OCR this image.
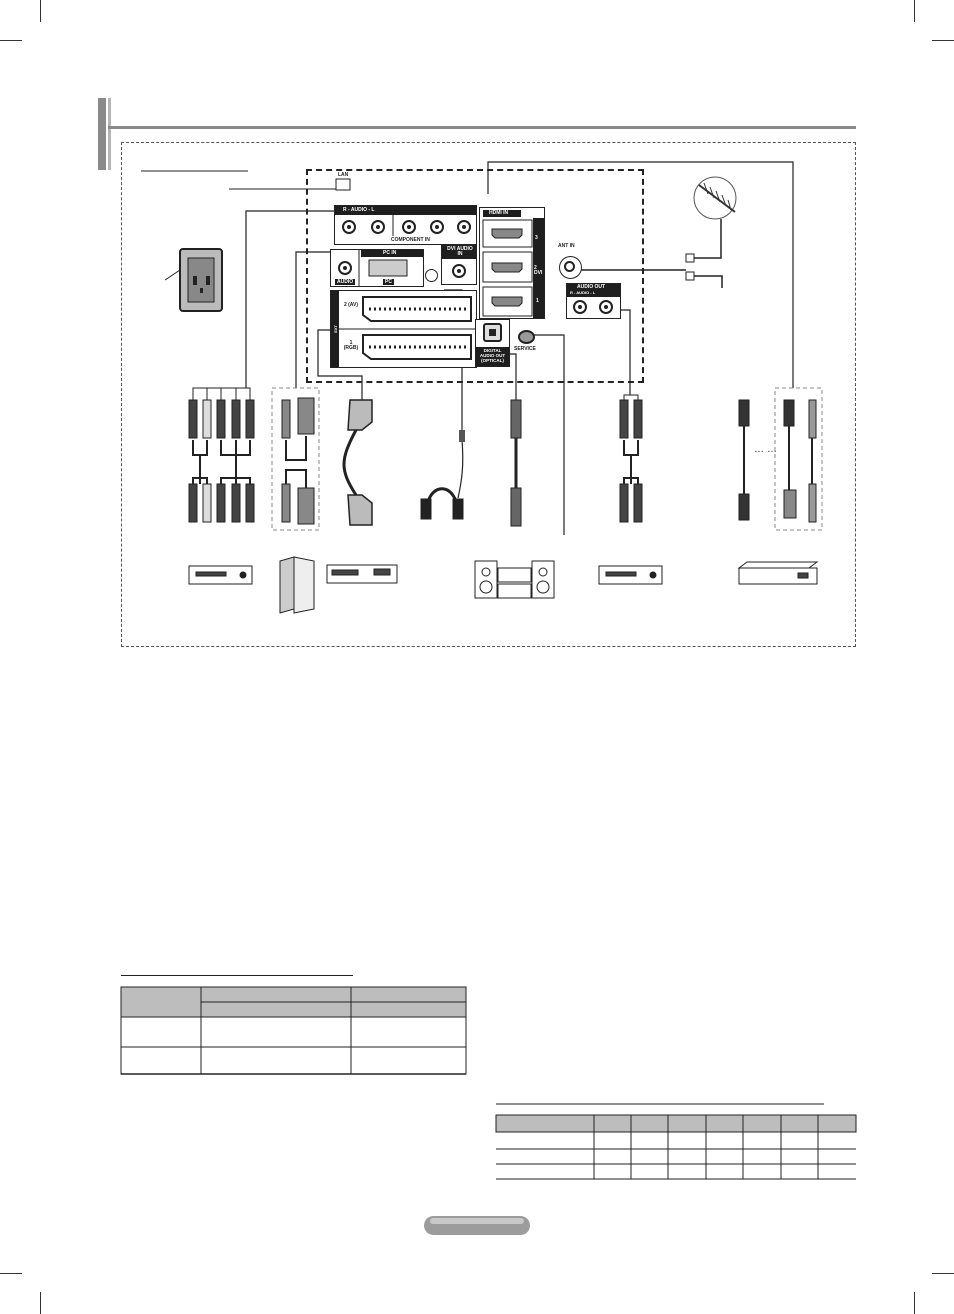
… …
LAN
R - AUDIO - L
COMPONENT IN
PC IN
AUDIO	PC
DVI AUDIO IN
EXT
2 (AV)
1 (RGB)
HDMI IN
3
2 DVI
1
DIGITAL AUDIO OUT (OPTICAL)
SERVICE
ANT IN
AUDIO OUT
R - AUDIO - L
